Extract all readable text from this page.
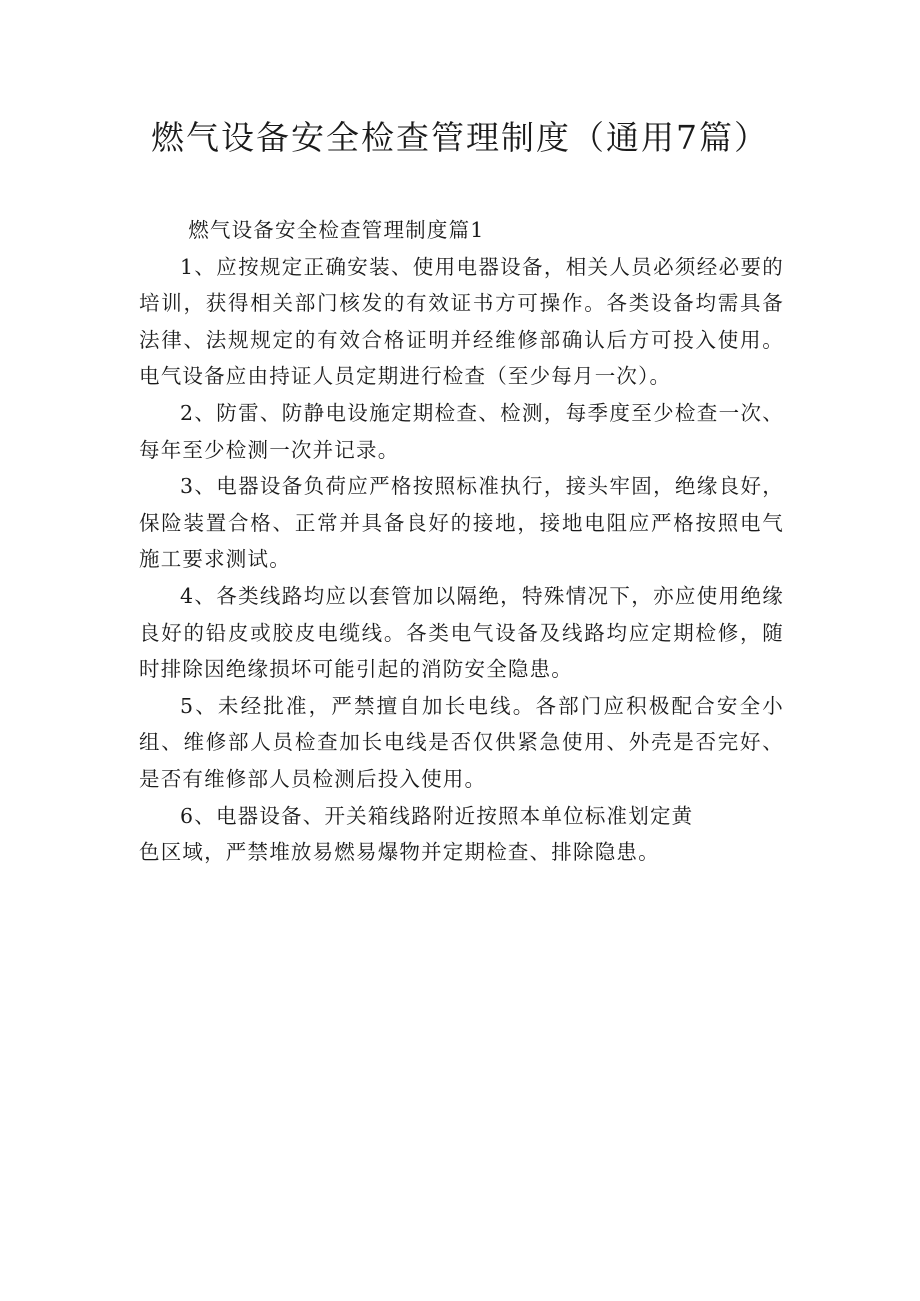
燃气设备安全检查管理制度（通用7篇）

燃气设备安全检查管理制度篇1

1、应按规定正确安装、使用电器设备，相关人员必须经必要的培训，获得相关部门核发的有效证书方可操作。各类设备均需具备法律、法规规定的有效合格证明并经维修部确认后方可投入使用。电气设备应由持证人员定期进行检查（至少每月一次）。

2、防雷、防静电设施定期检查、检测，每季度至少检查一次、每年至少检测一次并记录。

3、电器设备负荷应严格按照标准执行，接头牢固，绝缘良好，保险装置合格、正常并具备良好的接地，接地电阻应严格按照电气施工要求测试。

4、各类线路均应以套管加以隔绝，特殊情况下，亦应使用绝缘良好的铅皮或胶皮电缆线。各类电气设备及线路均应定期检修，随时排除因绝缘损坏可能引起的消防安全隐患。

5、未经批准，严禁擅自加长电线。各部门应积极配合安全小组、维修部人员检查加长电线是否仅供紧急使用、外壳是否完好、是否有维修部人员检测后投入使用。

6、电器设备、开关箱线路附近按照本单位标准划定黄

色区域，严禁堆放易燃易爆物并定期检查、排除隐患。
